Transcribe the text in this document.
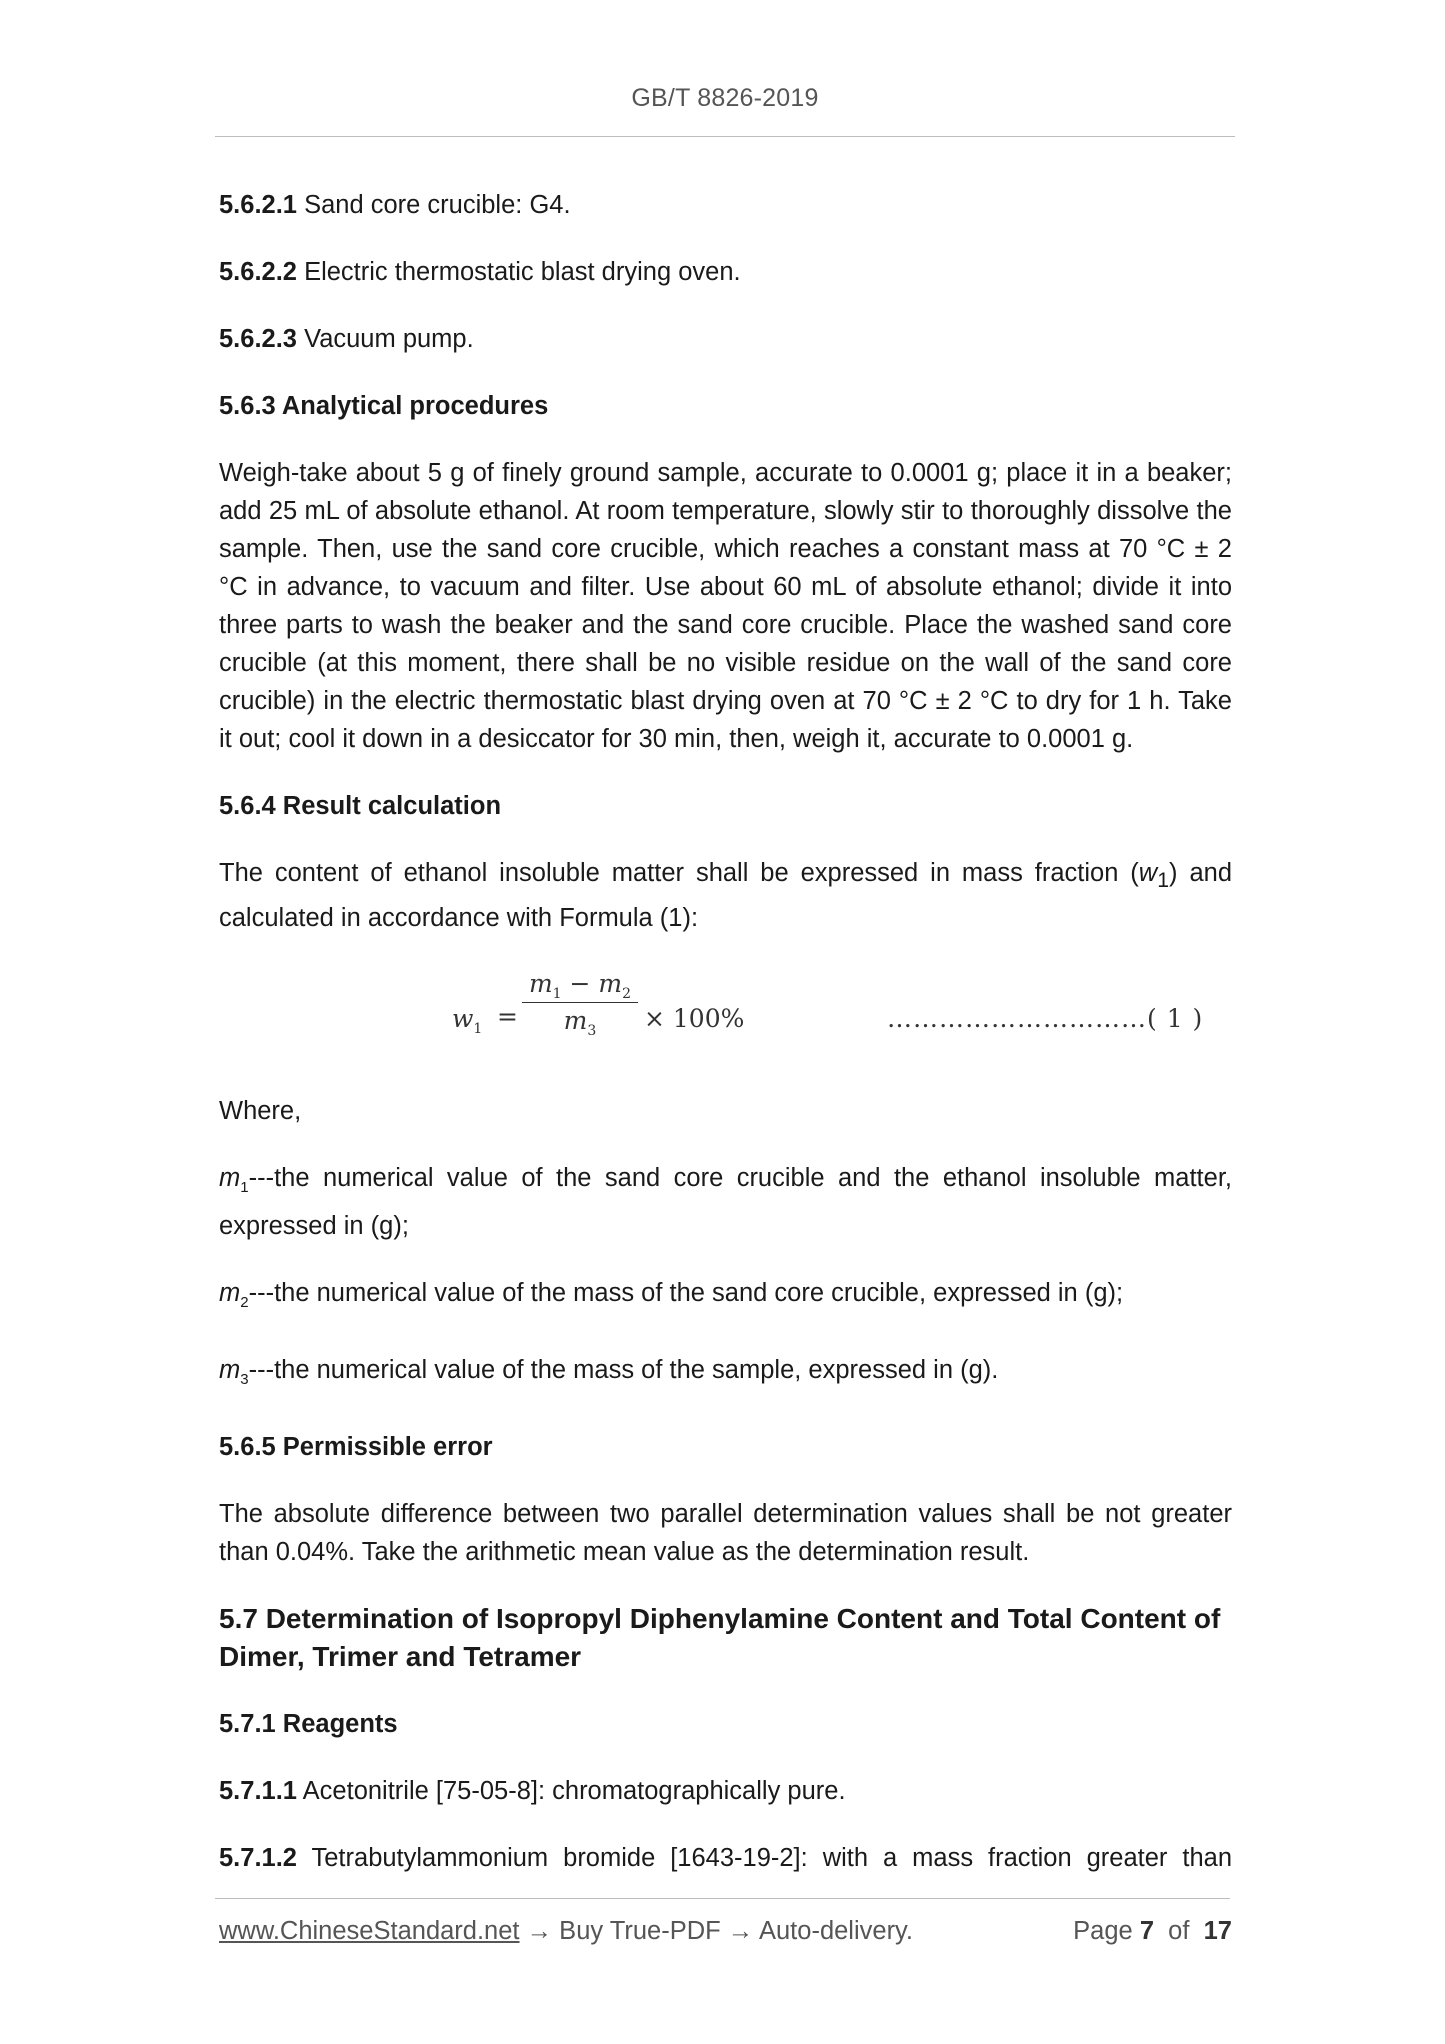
GB/T 8826-2019

5.6.2.1 Sand core crucible: G4.

5.6.2.2 Electric thermostatic blast drying oven.

5.6.2.3 Vacuum pump.

5.6.3 Analytical procedures

Weigh-take about 5 g of finely ground sample, accurate to 0.0001 g; place it in a beaker; add 25 mL of absolute ethanol. At room temperature, slowly stir to thoroughly dissolve the sample. Then, use the sand core crucible, which reaches a constant mass at 70 °C ± 2 °C in advance, to vacuum and filter. Use about 60 mL of absolute ethanol; divide it into three parts to wash the beaker and the sand core crucible. Place the washed sand core crucible (at this moment, there shall be no visible residue on the wall of the sand core crucible) in the electric thermostatic blast drying oven at 70 °C ± 2 °C to dry for 1 h. Take it out; cool it down in a desiccator for 30 min, then, weigh it, accurate to 0.0001 g.

5.6.4 Result calculation

The content of ethanol insoluble matter shall be expressed in mass fraction $(w_1)$ and calculated in accordance with Formula (1):

$w_1$ =
$m_1 - m_2$
$m_3$	× 100%	…………………………( 1 )

Where,

$m_1--$-the numerical value of the sand core crucible and the ethanol insoluble matter, expressed in (g);

$m_2--$-the numerical value of the mass of the sand core crucible, expressed in (g);

$m_3--$-the numerical value of the mass of the sample, expressed in (g).

5.6.5 Permissible error

The absolute difference between two parallel determination values shall be not greater than 0.04%. Take the arithmetic mean value as the determination result.

5.7 Determination of Isopropyl Diphenylamine Content and Total Content of Dimer, Trimer and Tetramer

5.7.1 Reagents

5.7.1.1 Acetonitrile [75-05-8]: chromatographically pure.

5.7.1.2 Tetrabutylammonium bromide [1643-19-2]: with a mass fraction greater than

www.ChineseStandard.net → Buy True-PDF → Auto-delivery.	Page 7 of 17
